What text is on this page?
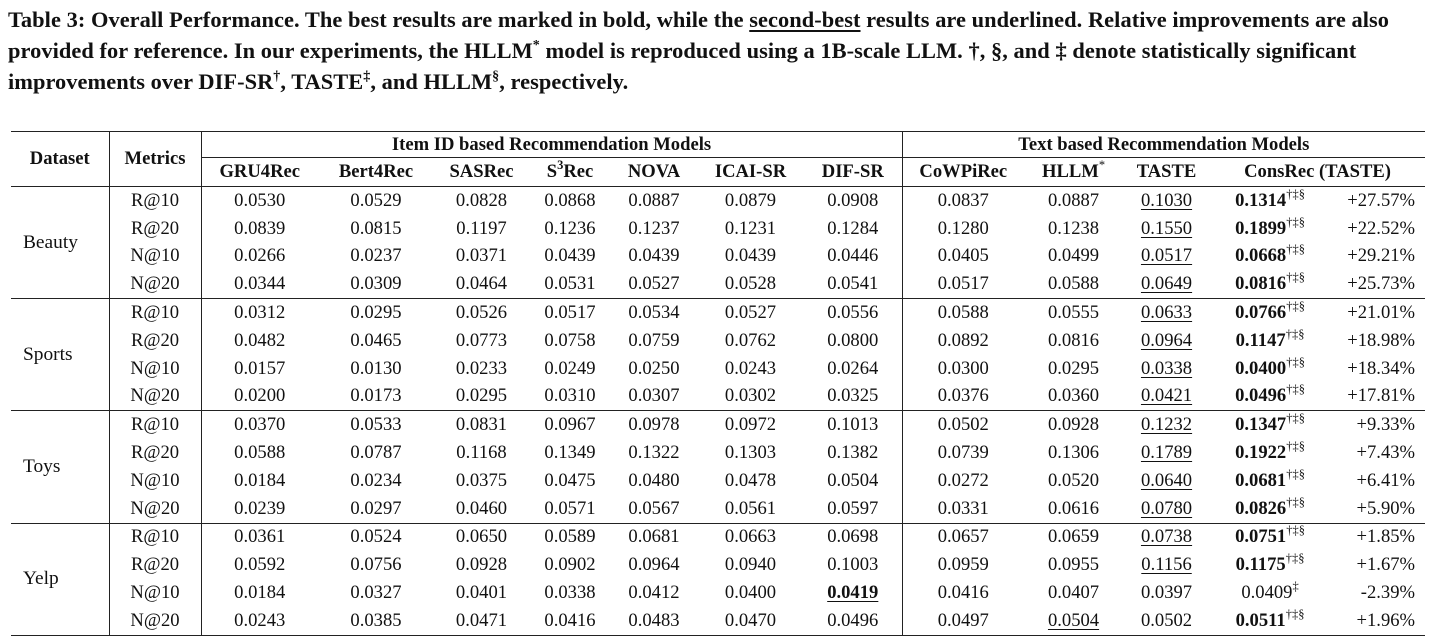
Table 3: Overall Performance. The best results are marked in bold, while the second-best results are underlined. Relative improvements are also provided for reference. In our experiments, the HLLM* model is reproduced using a 1B-scale LLM. †, §, and ‡ denote statistically significant improvements over DIF-SR†, TASTE‡, and HLLM§, respectively.
Dataset	Metrics	Item ID based Recommendation Models							Text based Recommendation Models				
		GRU4Rec	Bert4Rec	SASRec	$S^3Rec$	NOVA	ICAI-SR	DIF-SR	CoWPiRec	HLLM*	TASTE	ConsRec (TASTE)	
Beauty	R@10	0.0530	0.0529	0.0828	0.0868	0.0887	0.0879	0.0908	0.0837	0.0887	0.1030	0.1314†‡§	+27.57%
	R@20	0.0839	0.0815	0.1197	0.1236	0.1237	0.1231	0.1284	0.1280	0.1238	0.1550	0.1899†‡§	+22.52%
	N@10	0.0266	0.0237	0.0371	0.0439	0.0439	0.0439	0.0446	0.0405	0.0499	0.0517	0.0668†‡§	+29.21%
	N@20	0.0344	0.0309	0.0464	0.0531	0.0527	0.0528	0.0541	0.0517	0.0588	0.0649	0.0816†‡§	+25.73%
Sports	R@10	0.0312	0.0295	0.0526	0.0517	0.0534	0.0527	0.0556	0.0588	0.0555	0.0633	0.0766†‡§	+21.01%
	R@20	0.0482	0.0465	0.0773	0.0758	0.0759	0.0762	0.0800	0.0892	0.0816	0.0964	0.1147†‡§	+18.98%
	N@10	0.0157	0.0130	0.0233	0.0249	0.0250	0.0243	0.0264	0.0300	0.0295	0.0338	0.0400†‡§	+18.34%
	N@20	0.0200	0.0173	0.0295	0.0310	0.0307	0.0302	0.0325	0.0376	0.0360	0.0421	0.0496†‡§	+17.81%
Toys	R@10	0.0370	0.0533	0.0831	0.0967	0.0978	0.0972	0.1013	0.0502	0.0928	0.1232	0.1347†‡§	+9.33%
	R@20	0.0588	0.0787	0.1168	0.1349	0.1322	0.1303	0.1382	0.0739	0.1306	0.1789	0.1922†‡§	+7.43%
	N@10	0.0184	0.0234	0.0375	0.0475	0.0480	0.0478	0.0504	0.0272	0.0520	0.0640	0.0681†‡§	+6.41%
	N@20	0.0239	0.0297	0.0460	0.0571	0.0567	0.0561	0.0597	0.0331	0.0616	0.0780	0.0826†‡§	+5.90%
Yelp	R@10	0.0361	0.0524	0.0650	0.0589	0.0681	0.0663	0.0698	0.0657	0.0659	0.0738	0.0751†‡§	+1.85%
	R@20	0.0592	0.0756	0.0928	0.0902	0.0964	0.0940	0.1003	0.0959	0.0955	0.1156	0.1175†‡§	+1.67%
	N@10	0.0184	0.0327	0.0401	0.0338	0.0412	0.0400	0.0419	0.0416	0.0407	0.0397	0.0409‡	-2.39%
	N@20	0.0243	0.0385	0.0471	0.0416	0.0483	0.0470	0.0496	0.0497	0.0504	0.0502	0.0511†‡§	+1.96%
